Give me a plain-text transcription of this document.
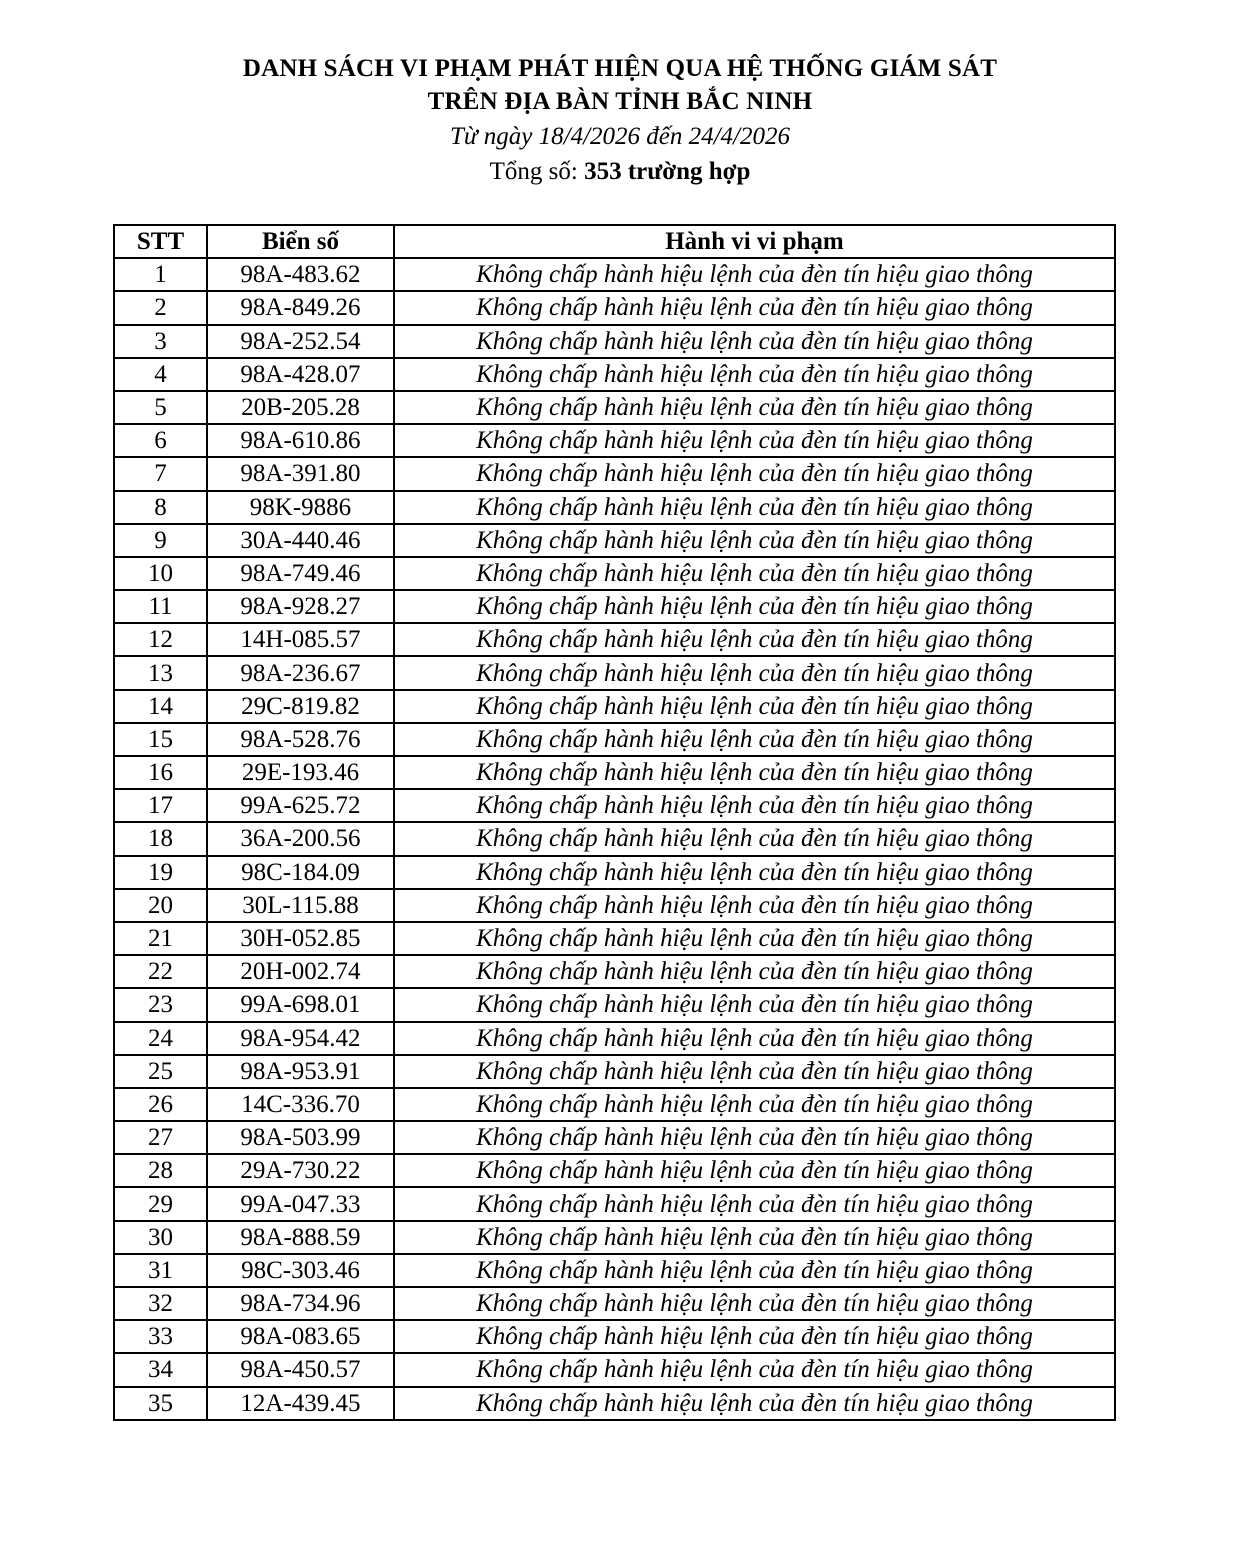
DANH SÁCH VI PHẠM PHÁT HIỆN QUA HỆ THỐNG GIÁM SÁT
TRÊN ĐỊA BÀN TỈNH BẮC NINH
Từ ngày 18/4/2026 đến 24/4/2026
Tổng số: 353 trường hợp
STT	Biển số	Hành vi vi phạm
1	98A-483.62	Không chấp hành hiệu lệnh của đèn tín hiệu giao thông
2	98A-849.26	Không chấp hành hiệu lệnh của đèn tín hiệu giao thông
3	98A-252.54	Không chấp hành hiệu lệnh của đèn tín hiệu giao thông
4	98A-428.07	Không chấp hành hiệu lệnh của đèn tín hiệu giao thông
5	20B-205.28	Không chấp hành hiệu lệnh của đèn tín hiệu giao thông
6	98A-610.86	Không chấp hành hiệu lệnh của đèn tín hiệu giao thông
7	98A-391.80	Không chấp hành hiệu lệnh của đèn tín hiệu giao thông
8	98K-9886	Không chấp hành hiệu lệnh của đèn tín hiệu giao thông
9	30A-440.46	Không chấp hành hiệu lệnh của đèn tín hiệu giao thông
10	98A-749.46	Không chấp hành hiệu lệnh của đèn tín hiệu giao thông
11	98A-928.27	Không chấp hành hiệu lệnh của đèn tín hiệu giao thông
12	14H-085.57	Không chấp hành hiệu lệnh của đèn tín hiệu giao thông
13	98A-236.67	Không chấp hành hiệu lệnh của đèn tín hiệu giao thông
14	29C-819.82	Không chấp hành hiệu lệnh của đèn tín hiệu giao thông
15	98A-528.76	Không chấp hành hiệu lệnh của đèn tín hiệu giao thông
16	29E-193.46	Không chấp hành hiệu lệnh của đèn tín hiệu giao thông
17	99A-625.72	Không chấp hành hiệu lệnh của đèn tín hiệu giao thông
18	36A-200.56	Không chấp hành hiệu lệnh của đèn tín hiệu giao thông
19	98C-184.09	Không chấp hành hiệu lệnh của đèn tín hiệu giao thông
20	30L-115.88	Không chấp hành hiệu lệnh của đèn tín hiệu giao thông
21	30H-052.85	Không chấp hành hiệu lệnh của đèn tín hiệu giao thông
22	20H-002.74	Không chấp hành hiệu lệnh của đèn tín hiệu giao thông
23	99A-698.01	Không chấp hành hiệu lệnh của đèn tín hiệu giao thông
24	98A-954.42	Không chấp hành hiệu lệnh của đèn tín hiệu giao thông
25	98A-953.91	Không chấp hành hiệu lệnh của đèn tín hiệu giao thông
26	14C-336.70	Không chấp hành hiệu lệnh của đèn tín hiệu giao thông
27	98A-503.99	Không chấp hành hiệu lệnh của đèn tín hiệu giao thông
28	29A-730.22	Không chấp hành hiệu lệnh của đèn tín hiệu giao thông
29	99A-047.33	Không chấp hành hiệu lệnh của đèn tín hiệu giao thông
30	98A-888.59	Không chấp hành hiệu lệnh của đèn tín hiệu giao thông
31	98C-303.46	Không chấp hành hiệu lệnh của đèn tín hiệu giao thông
32	98A-734.96	Không chấp hành hiệu lệnh của đèn tín hiệu giao thông
33	98A-083.65	Không chấp hành hiệu lệnh của đèn tín hiệu giao thông
34	98A-450.57	Không chấp hành hiệu lệnh của đèn tín hiệu giao thông
35	12A-439.45	Không chấp hành hiệu lệnh của đèn tín hiệu giao thông
